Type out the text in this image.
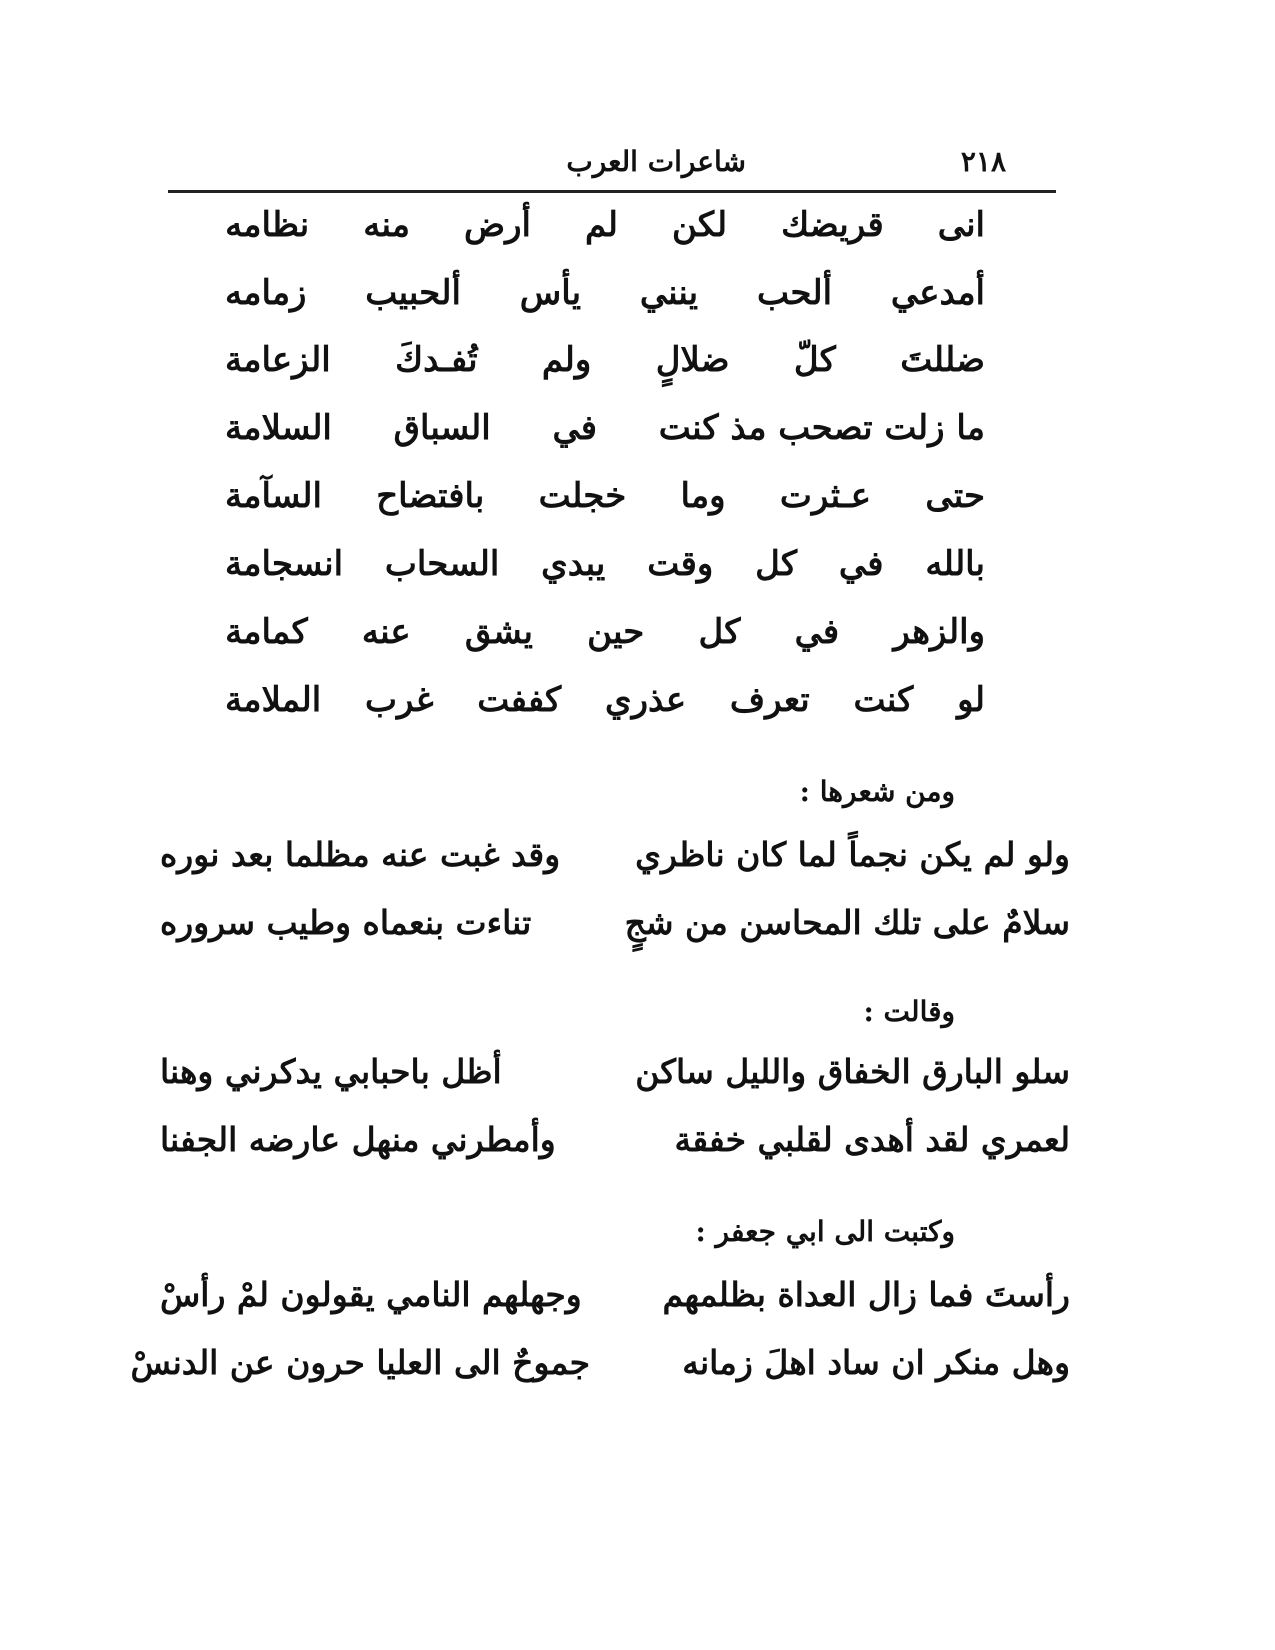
٢١٨
شاعرات العرب
انی
قریضك
لكن
لم
أرض
منه
نظامه
أمدعي
ألحب
ينني
يأس
ألحبيب
زمامه
ضللتَ
كلّ
ضلالٍ
ولم
تُفـدكَ
الزعامة
ما زلت تصحب مذ كنت
في
السباق
السلامة
حتى
عـثرت
وما
خجلت
بافتضاح
السآمة
بالله
في
كل
وقت
يبدي
السحاب
انسجامة
والزهر
في
كل
حين
يشق
عنه
كمامة
لو
كنت
تعرف
عذري
كففت
غرب
الملامة
ومن شعرها :
ولو لم يكن نجماً لما كان ناظري
وقد غبت عنه مظلما بعد نوره
سلامٌ على تلك المحاسن من شجٍ
تناءت بنعماه وطيب سروره
وقالت :
سلو البارق الخفاق والليل ساكن
أظل باحبابي يدكرني وهنا
لعمري لقد أهدى لقلبي خفقة
وأمطرني منهل عارضه الجفنا
وكتبت الى ابي جعفر :
رأستَ فما زال العداة بظلمهم
وجهلهم النامي يقولون لمْ رأسْ
وهل منكر ان ساد اهلَ زمانه
جموحٌ الى العليا حرون عن الدنسْ
